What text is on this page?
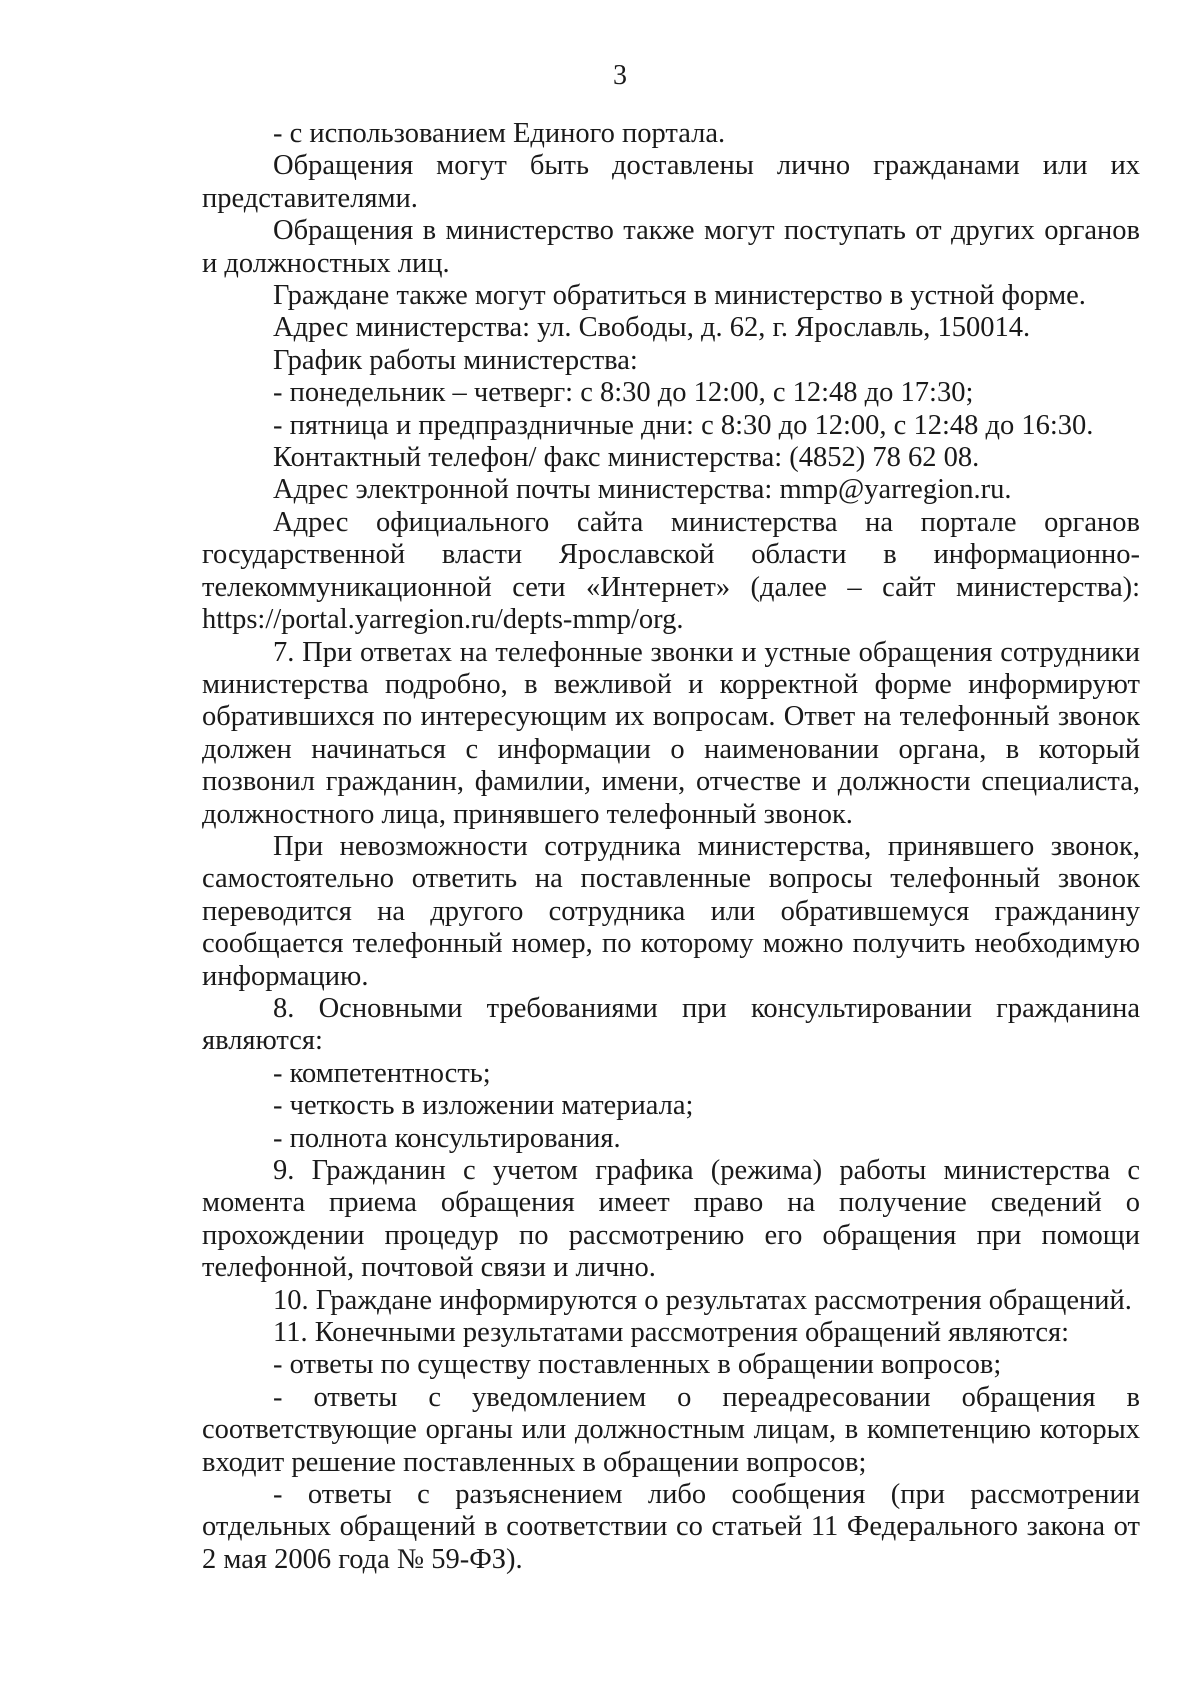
3

- с использованием Единого портала.

Обращения могут быть доставлены лично гражданами или их представителями.

Обращения в министерство также могут поступать от других органов и должностных лиц.

Граждане также могут обратиться в министерство в устной форме.

Адрес министерства: ул. Свободы, д. 62, г. Ярославль, 150014.

График работы министерства:

- понедельник – четверг: с 8:30 до 12:00, с 12:48 до 17:30;

- пятница и предпраздничные дни: с 8:30 до 12:00, с 12:48 до 16:30.

Контактный телефон/ факс министерства: (4852) 78 62 08.

Адрес электронной почты министерства: mmp@yarregion.ru.

Адрес официального сайта министерства на портале органов государственной власти Ярославской области в информационно-телекоммуникационной сети «Интернет» (далее – сайт министерства): https://portal.yarregion.ru/depts-mmp/org.

7. При ответах на телефонные звонки и устные обращения сотрудники министерства подробно, в вежливой и корректной форме информируют обратившихся по интересующим их вопросам. Ответ на телефонный звонок должен начинаться с информации о наименовании органа, в который позвонил гражданин, фамилии, имени, отчестве и должности специалиста, должностного лица, принявшего телефонный звонок.

При невозможности сотрудника министерства, принявшего звонок, самостоятельно ответить на поставленные вопросы телефонный звонок переводится на другого сотрудника или обратившемуся гражданину сообщается телефонный номер, по которому можно получить необходимую информацию.

8. Основными требованиями при консультировании гражданина являются:

- компетентность;

- четкость в изложении материала;

- полнота консультирования.

9. Гражданин с учетом графика (режима) работы министерства с момента приема обращения имеет право на получение сведений о прохождении процедур по рассмотрению его обращения при помощи телефонной, почтовой связи и лично.

10. Граждане информируются о результатах рассмотрения обращений.

11. Конечными результатами рассмотрения обращений являются:

- ответы по существу поставленных в обращении вопросов;

- ответы с уведомлением о переадресовании обращения в соответствующие органы или должностным лицам, в компетенцию которых входит решение поставленных в обращении вопросов;

- ответы с разъяснением либо сообщения (при рассмотрении отдельных обращений в соответствии со статьей 11 Федерального закона от 2 мая 2006 года № 59-ФЗ).
